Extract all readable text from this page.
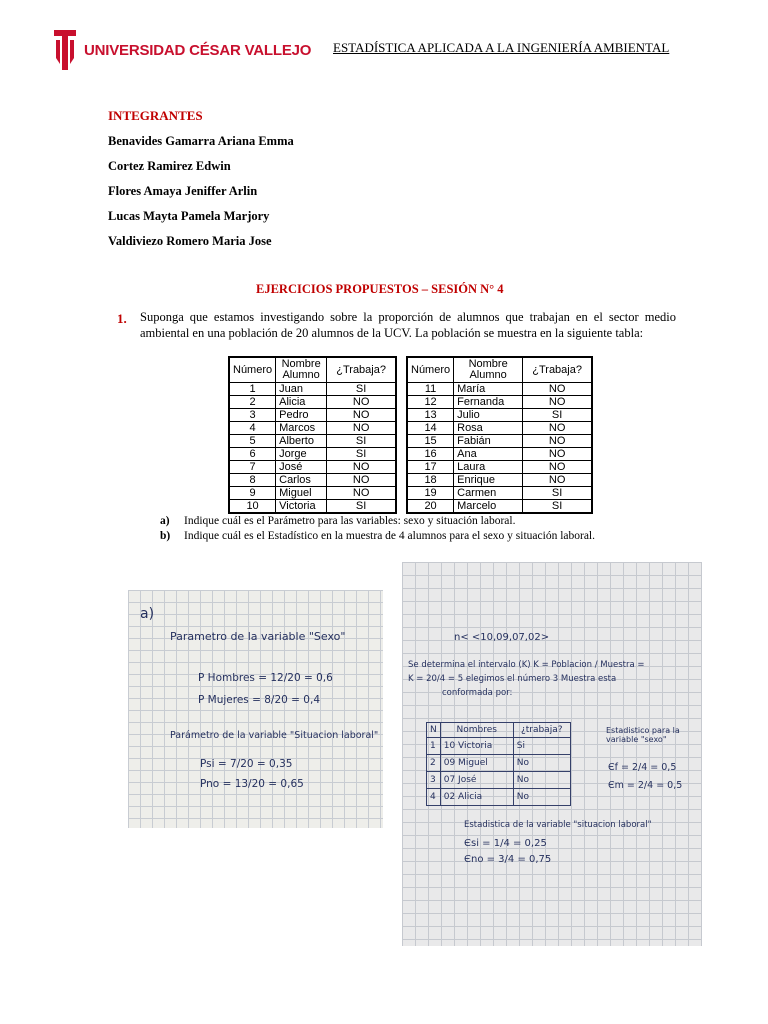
UNIVERSIDAD CÉSAR VALLEJO ESTADÍSTICA APLICADA A LA INGENIERÍA AMBIENTAL
INTEGRANTES
Benavides Gamarra Ariana Emma
Cortez Ramirez Edwin
Flores Amaya Jeniffer Arlin
Lucas Mayta Pamela Marjory
Valdiviezo Romero Maria Jose
EJERCICIOS PROPUESTOS – SESIÓN N° 4
1. Suponga que estamos investigando sobre la proporción de alumnos que trabajan en el sector medio ambiental en una población de 20 alumnos de la UCV. La población se muestra en la siguiente tabla:
Número	Nombre Alumno	¿Trabaja?
1	Juan	SI
2	Alicia	NO
3	Pedro	NO
4	Marcos	NO
5	Alberto	SI
6	Jorge	SI
7	José	NO
8	Carlos	NO
9	Miguel	NO
10	Victoria	SI
Número	Nombre Alumno	¿Trabaja?
11	María	NO
12	Fernanda	NO
13	Julio	SI
14	Rosa	NO
15	Fabián	NO
16	Ana	NO
17	Laura	NO
18	Enrique	NO
19	Carmen	SI
20	Marcelo	SI
a) Indique cuál es el Parámetro para las variables: sexo y situación laboral.
b) Indique cuál es el Estadístico en la muestra de 4 alumnos para el sexo y situación laboral.
a)
Parametro de la variable "Sexo"
P Hombres = 12/20 = 0,6
P Mujeres = 8/20 = 0,4
Parámetro de la variable "Situacion laboral"
Psi = 7/20 = 0,35
Pno = 13/20 = 0,65
n< <10,09,07,02>
Se determina el intervalo (K) K = Poblacion / Muestra =
K = 20/4 = 5 elegimos el número 3 Muestra esta
conformada por:
N	Nombres	¿trabaja?
1	10 Victoria	Si
2	09 Miguel	No
3	07 José	No
4	02 Alicia	No
Estadistico para la variable "sexo"
Єf = 2/4 = 0,5
Єm = 2/4 = 0,5
Estadistica de la variable "situacion laboral"
Єsi = 1/4 = 0,25
Єno = 3/4 = 0,75
